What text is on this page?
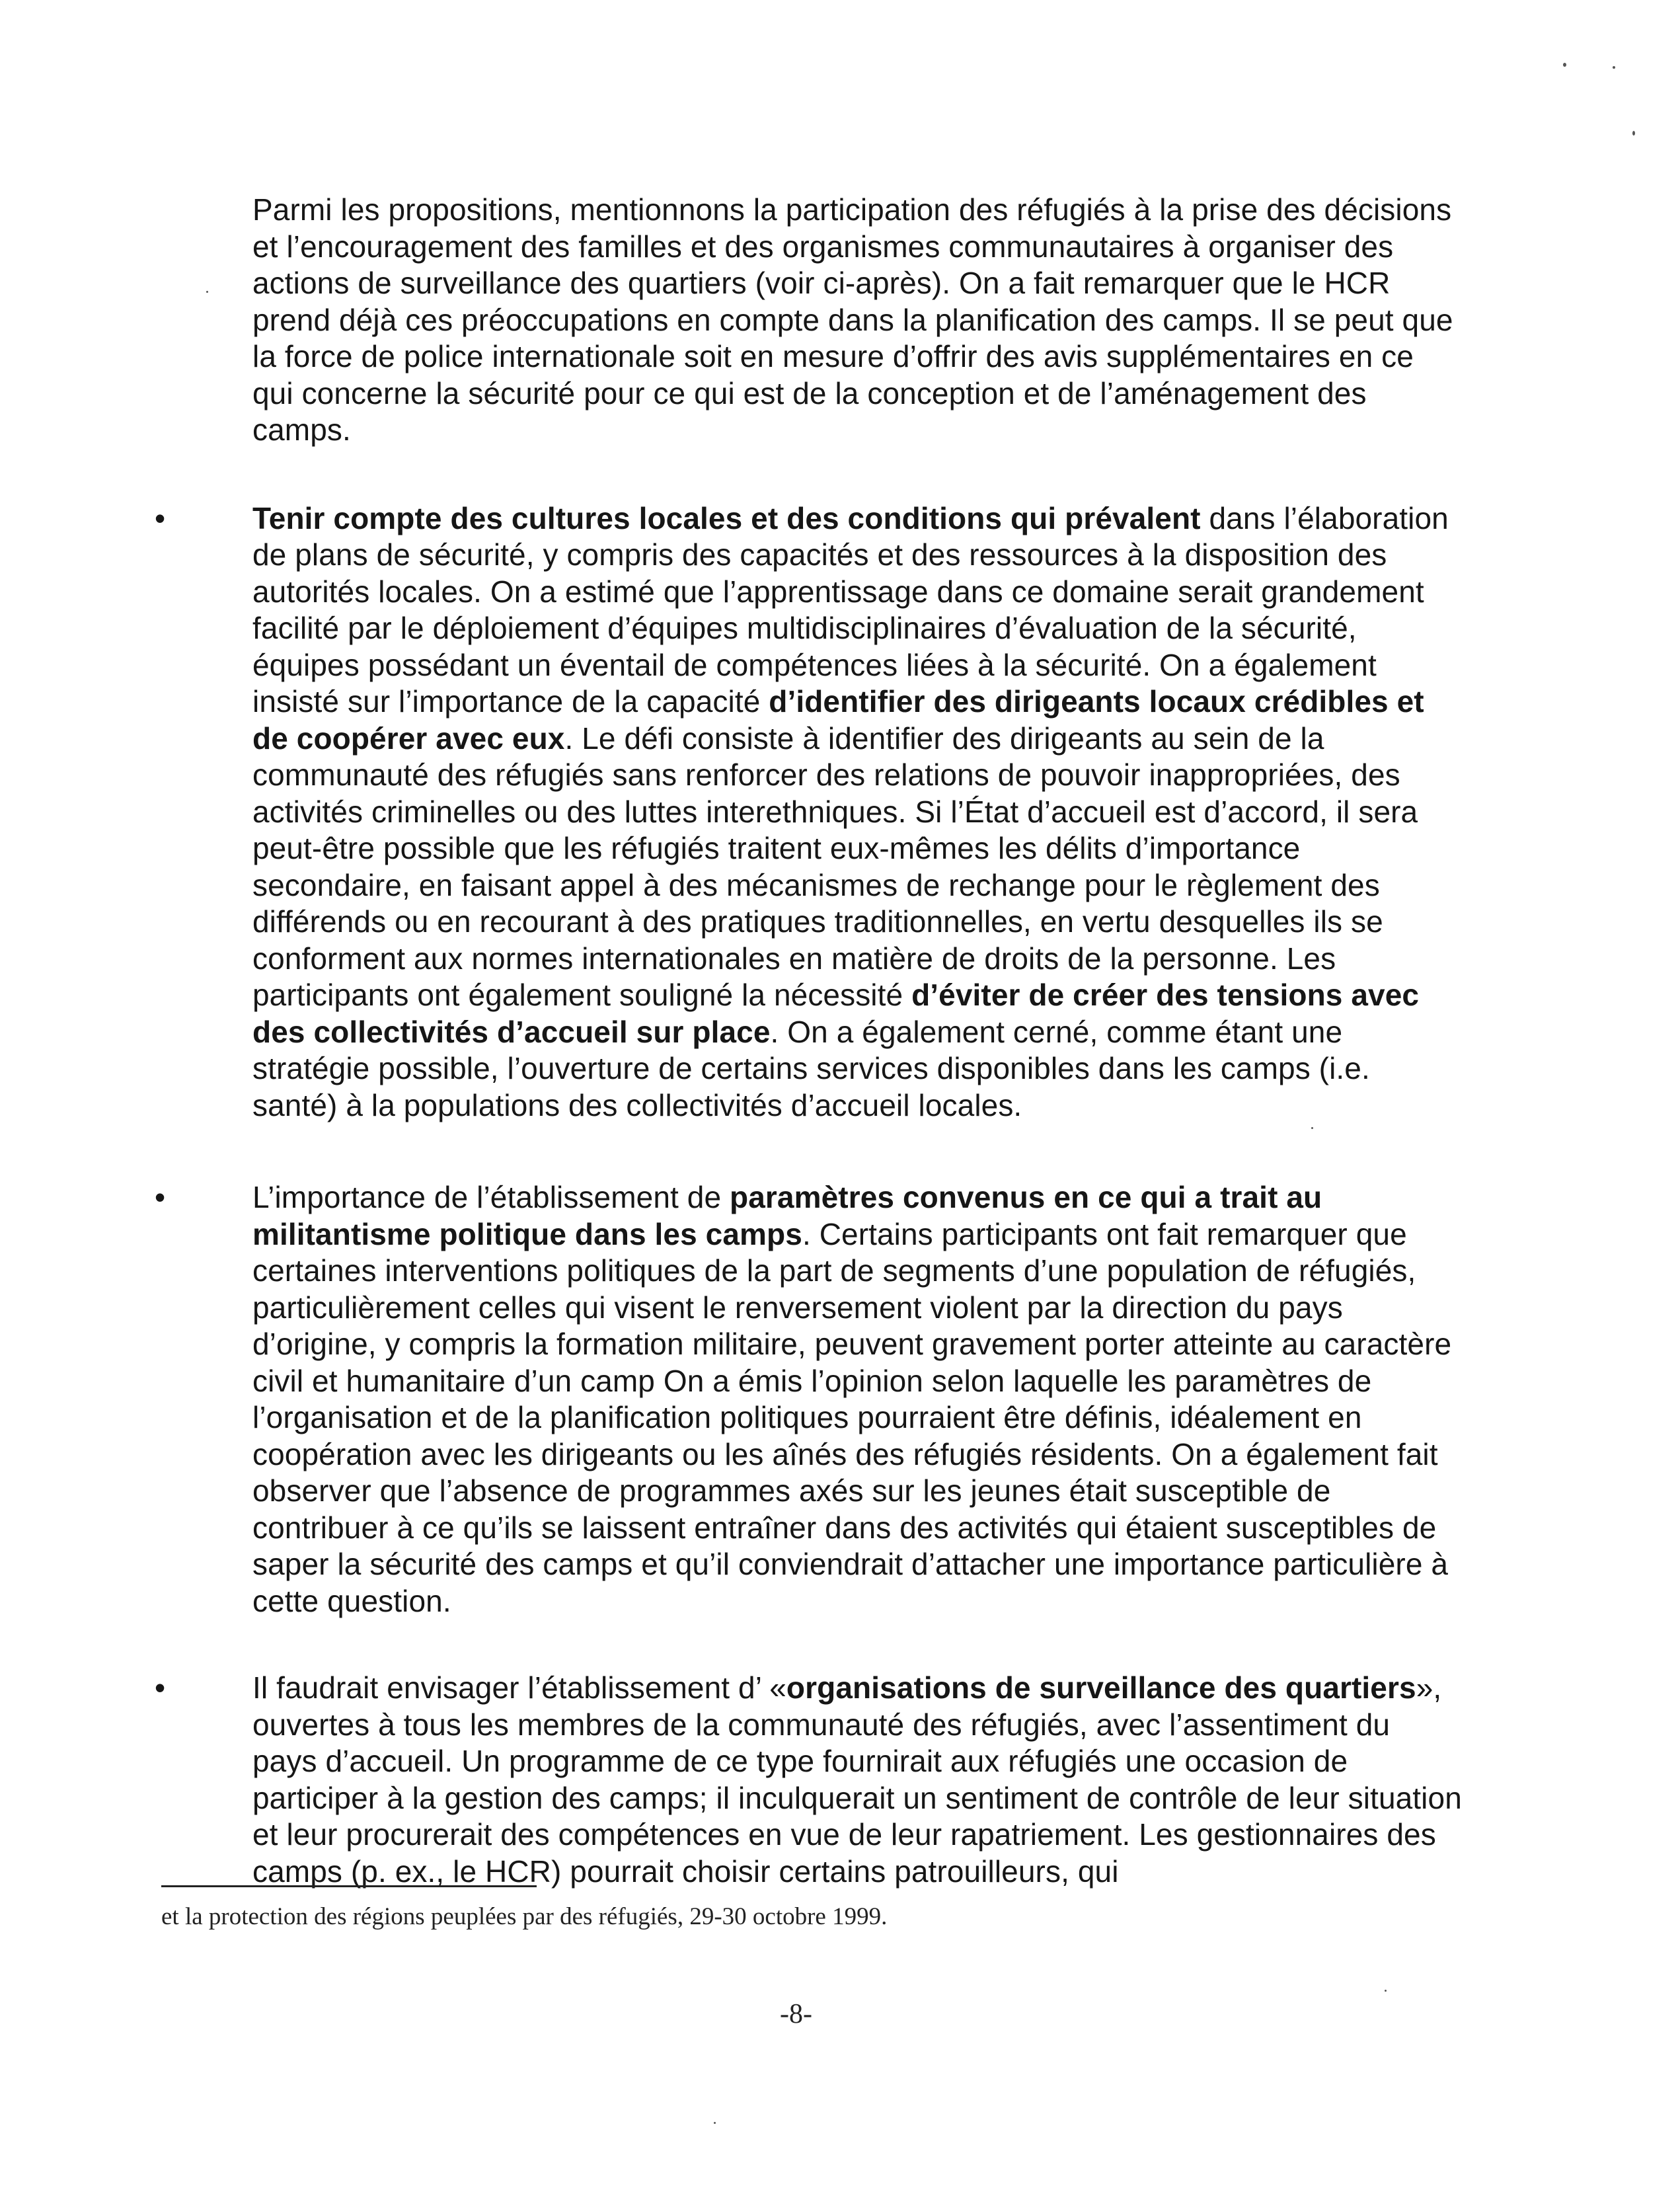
Parmi les propositions, mentionnons la participation des réfugiés à la prise des décisions et l’encouragement des familles et des organismes communautaires à organiser des actions de surveillance des quartiers (voir ci-après). On a fait remarquer que le HCR prend déjà ces préoccupations en compte dans la planification des camps. Il se peut que la force de police internationale soit en mesure d’offrir des avis supplémentaires en ce qui concerne la sécurité pour ce qui est de la conception et de l’aménagement des camps.

•	Tenir compte des cultures locales et des conditions qui prévalent dans l’élaboration de plans de sécurité, y compris des capacités et des ressources à la disposition des autorités locales. On a estimé que l’apprentissage dans ce domaine serait grandement facilité par le déploiement d’équipes multidisciplinaires d’évaluation de la sécurité, équipes possédant un éventail de compétences liées à la sécurité. On a également insisté sur l’importance de la capacité d’identifier des dirigeants locaux crédibles et de coopérer avec eux. Le défi consiste à identifier des dirigeants au sein de la communauté des réfugiés sans renforcer des relations de pouvoir inappropriées, des activités criminelles ou des luttes interethniques. Si l’État d’accueil est d’accord, il sera peut-être possible que les réfugiés traitent eux-mêmes les délits d’importance secondaire, en faisant appel à des mécanismes de rechange pour le règlement des différends ou en recourant à des pratiques traditionnelles, en vertu desquelles ils se conforment aux normes internationales en matière de droits de la personne. Les participants ont également souligné la nécessité d’éviter de créer des tensions avec des collectivités d’accueil sur place. On a également cerné, comme étant une stratégie possible, l’ouverture de certains services disponibles dans les camps (i.e. santé) à la populations des collectivités d’accueil locales.

•	L’importance de l’établissement de paramètres convenus en ce qui a trait au militantisme politique dans les camps. Certains participants ont fait remarquer que certaines interventions politiques de la part de segments d’une population de réfugiés, particulièrement celles qui visent le renversement violent par la direction du pays d’origine, y compris la formation militaire, peuvent gravement porter atteinte au caractère civil et humanitaire d’un camp On a émis l’opinion selon laquelle les paramètres de l’organisation et de la planification politiques pourraient être définis, idéalement en coopération avec les dirigeants ou les aînés des réfugiés résidents. On a également fait observer que l’absence de programmes axés sur les jeunes était susceptible de contribuer à ce qu’ils se laissent entraîner dans des activités qui étaient susceptibles de saper la sécurité des camps et qu’il conviendrait d’attacher une importance particulière à cette question.

•	Il faudrait envisager l’établissement d’ «organisations de surveillance des quartiers», ouvertes à tous les membres de la communauté des réfugiés, avec l’assentiment du pays d’accueil. Un programme de ce type fournirait aux réfugiés une occasion de participer à la gestion des camps; il inculquerait un sentiment de contrôle de leur situation et leur procurerait des compétences en vue de leur rapatriement. Les gestionnaires des camps (p. ex., le HCR) pourrait choisir certains patrouilleurs, qui

et la protection des régions peuplées par des réfugiés, 29-30 octobre 1999.
-8-
